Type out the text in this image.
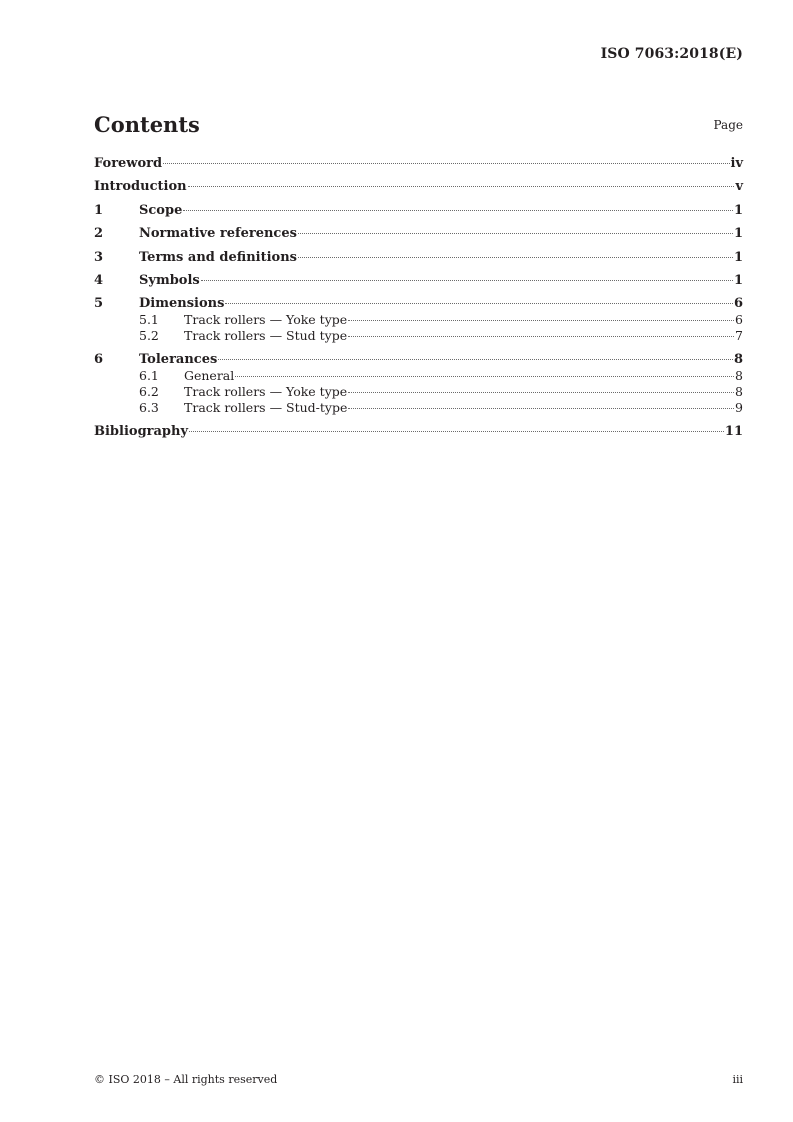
ISO 7063:2018(E)
Contents	Page
Foreword	iv
Introduction	v
1	Scope	1
2	Normative references	1
3	Terms and definitions	1
4	Symbols	1
5	Dimensions	6
5.1	Track rollers — Yoke type	6
5.2	Track rollers — Stud type	7
6	Tolerances	8
6.1	General	8
6.2	Track rollers — Yoke type	8
6.3	Track rollers — Stud-type	9
Bibliography	11
© ISO 2018 – All rights reserved	iii
